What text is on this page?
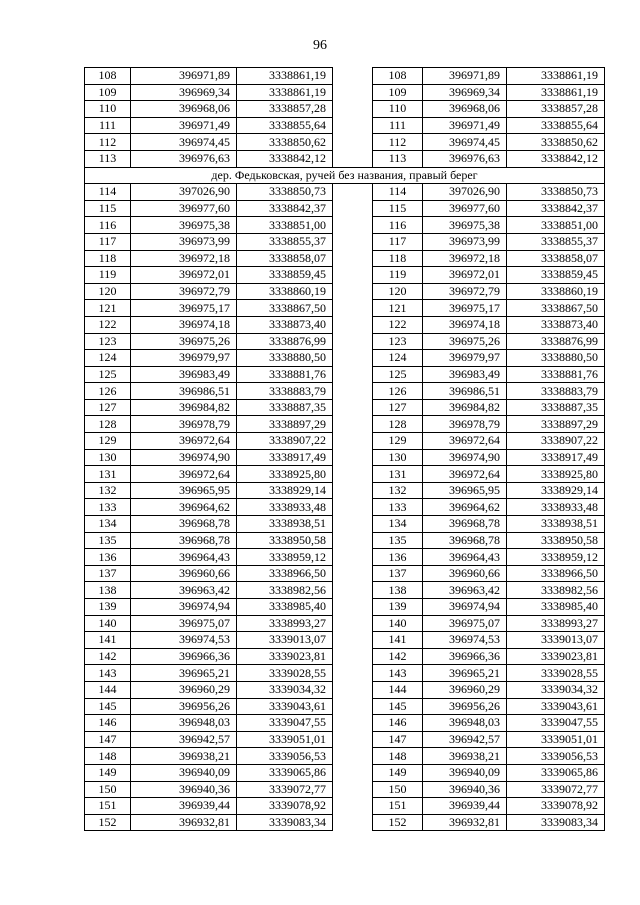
96
108	396971,89	3338861,19		108	396971,89	3338861,19
109	396969,34	3338861,19		109	396969,34	3338861,19
110	396968,06	3338857,28		110	396968,06	3338857,28
111	396971,49	3338855,64		111	396971,49	3338855,64
112	396974,45	3338850,62		112	396974,45	3338850,62
113	396976,63	3338842,12		113	396976,63	3338842,12
дер. Федьковская, ручей без названия, правый берег						
114	397026,90	3338850,73		114	397026,90	3338850,73
115	396977,60	3338842,37		115	396977,60	3338842,37
116	396975,38	3338851,00		116	396975,38	3338851,00
117	396973,99	3338855,37		117	396973,99	3338855,37
118	396972,18	3338858,07		118	396972,18	3338858,07
119	396972,01	3338859,45		119	396972,01	3338859,45
120	396972,79	3338860,19		120	396972,79	3338860,19
121	396975,17	3338867,50		121	396975,17	3338867,50
122	396974,18	3338873,40		122	396974,18	3338873,40
123	396975,26	3338876,99		123	396975,26	3338876,99
124	396979,97	3338880,50		124	396979,97	3338880,50
125	396983,49	3338881,76		125	396983,49	3338881,76
126	396986,51	3338883,79		126	396986,51	3338883,79
127	396984,82	3338887,35		127	396984,82	3338887,35
128	396978,79	3338897,29		128	396978,79	3338897,29
129	396972,64	3338907,22		129	396972,64	3338907,22
130	396974,90	3338917,49		130	396974,90	3338917,49
131	396972,64	3338925,80		131	396972,64	3338925,80
132	396965,95	3338929,14		132	396965,95	3338929,14
133	396964,62	3338933,48		133	396964,62	3338933,48
134	396968,78	3338938,51		134	396968,78	3338938,51
135	396968,78	3338950,58		135	396968,78	3338950,58
136	396964,43	3338959,12		136	396964,43	3338959,12
137	396960,66	3338966,50		137	396960,66	3338966,50
138	396963,42	3338982,56		138	396963,42	3338982,56
139	396974,94	3338985,40		139	396974,94	3338985,40
140	396975,07	3338993,27		140	396975,07	3338993,27
141	396974,53	3339013,07		141	396974,53	3339013,07
142	396966,36	3339023,81		142	396966,36	3339023,81
143	396965,21	3339028,55		143	396965,21	3339028,55
144	396960,29	3339034,32		144	396960,29	3339034,32
145	396956,26	3339043,61		145	396956,26	3339043,61
146	396948,03	3339047,55		146	396948,03	3339047,55
147	396942,57	3339051,01		147	396942,57	3339051,01
148	396938,21	3339056,53		148	396938,21	3339056,53
149	396940,09	3339065,86		149	396940,09	3339065,86
150	396940,36	3339072,77		150	396940,36	3339072,77
151	396939,44	3339078,92		151	396939,44	3339078,92
152	396932,81	3339083,34		152	396932,81	3339083,34
